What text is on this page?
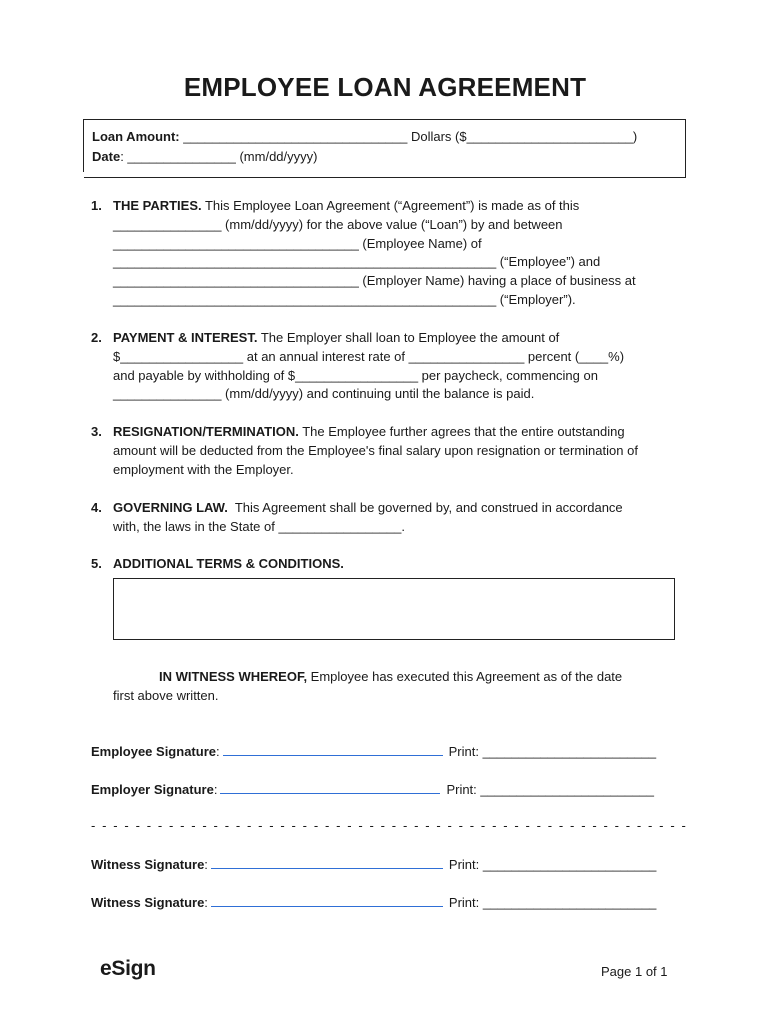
EMPLOYEE LOAN AGREEMENT
Loan Amount: _______________________________ Dollars ($_______________________)
Date: _______________ (mm/dd/yyyy)
1. THE PARTIES. This Employee Loan Agreement (“Agreement”) is made as of this
_______________ (mm/dd/yyyy) for the above value (“Loan”) by and between
__________________________________ (Employee Name) of
_____________________________________________________ (“Employee”) and
__________________________________ (Employer Name) having a place of business at
_____________________________________________________ (“Employer”).
2. PAYMENT & INTEREST. The Employer shall loan to Employee the amount of
$_________________ at an annual interest rate of ________________ percent (____%)
and payable by withholding of $_________________ per paycheck, commencing on
_______________ (mm/dd/yyyy) and continuing until the balance is paid.
3. RESIGNATION/TERMINATION. The Employee further agrees that the entire outstanding
amount will be deducted from the Employee's final salary upon resignation or termination of
employment with the Employer.
4. GOVERNING LAW.  This Agreement shall be governed by, and construed in accordance
with, the laws in the State of _________________.
5. ADDITIONAL TERMS & CONDITIONS.
IN WITNESS WHEREOF, Employee has executed this Agreement as of the date
first above written.
Employee Signature:	Print: ________________________
Employer Signature:	Print: ________________________
- - - - - - - - - - - - - - - - - - - - - - - - - - - - - - - - - - - - - - - - - - - - - - - - - - - - - -
Witness Signature:	Print: ________________________
Witness Signature:	Print: ________________________
eSign	Page 1 of 1
